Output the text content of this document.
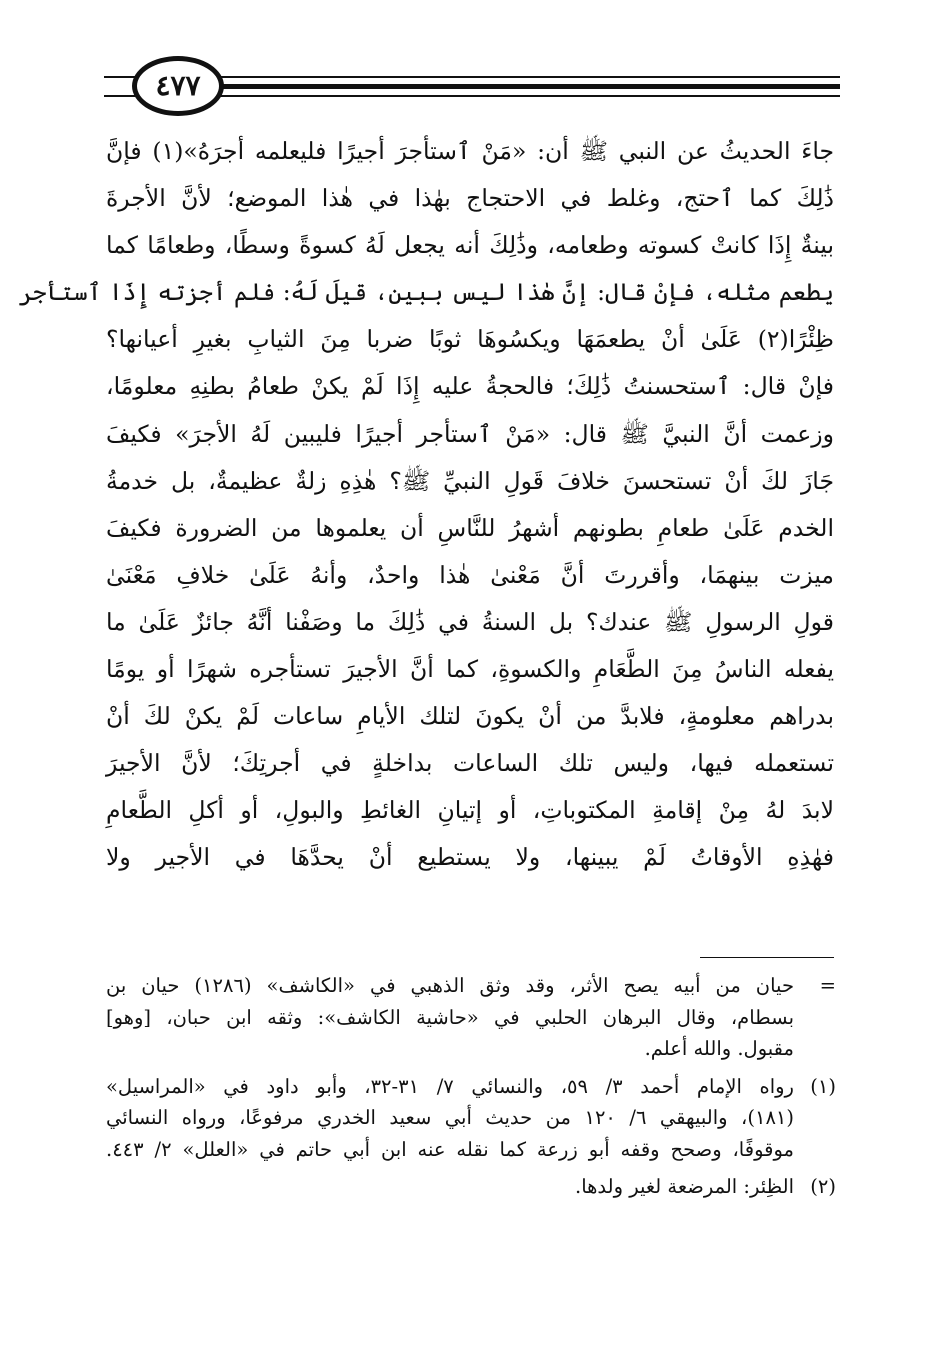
٤٧٧
جاءَ الحديثُ عن النبي ﷺ أن: «مَنْ ٱستأجرَ أجيرًا فليعلمه أجرَهُ»(١) فإنَّ
ذَٰلِكَ كما ٱحتج، وغلط في الاحتجاج بهٰذا في هٰذا الموضع؛ لأنَّ الأجرةَ
بينةٌ إِذَا كانتْ كسوته وطعامه، وذَٰلِكَ أنه يجعل لَهُ كسوةً وسطًا، وطعامًا كما
يطعم مثله، فإنْ قال: إنَّ هٰذا ليس ببين، قيلَ لَهُ: فلم أجزته إِذَا ٱستأجر
ظِئْرًا(٢) عَلَىٰ أنْ يطعمَهَا ويكسُوهَا ثوبًا ضربا مِنَ الثيابِ بغيرِ أعيانها؟
فإنْ قال: ٱستحسنتُ ذَٰلِكَ؛ فالحجةُ عليه إِذَا لَمْ يكنْ طعامُ بطنِهِ معلومًا،
وزعمت أنَّ النبيَّ ﷺ قال: «مَنْ ٱستأجر أجيرًا فليبين لَهُ الأجرَ» فكيفَ
جَازَ لكَ أنْ تستحسنَ خلافَ قَولِ النبيِّ ﷺ؟ هٰذِهِ زلةٌ عظيمةٌ، بل خدمةُ
الخدم عَلَىٰ طعامِ بطونهم أشهرُ للنَّاسِ أن يعلموها من الضرورة فكيفَ
ميزت بينهمَا، وأقررتَ أنَّ مَعْنىٰ هٰذا واحدٌ، وأنهُ عَلَىٰ خلافِ مَعْنَىٰ
قولِ الرسولِ ﷺ عندك؟ بل السنةُ في ذَٰلِكَ ما وصَفْنا أنَّهُ جائزٌ عَلَىٰ ما
يفعله الناسُ مِنَ الطَّعَامِ والكسوةِ، كما أنَّ الأجيرَ تستأجره شهرًا أو يومًا
بدراهم معلومةٍ، فلابدَّ من أنْ يكونَ لتلك الأيامِ ساعات لَمْ يكنْ لكَ أنْ
تستعمله فيها، وليس تلك الساعات بداخلةٍ في أجرتِكَ؛ لأنَّ الأجيرَ
لابدَ لهُ مِنْ إقامةِ المكتوباتِ، أو إتيانِ الغائطِ والبولِ، أو أكلِ الطَّعامِ
فهٰذِهِ الأوقاتُ لَمْ يبينها، ولا يستطيع أنْ يحدَّهَا في الأجير ولا
=
حيان من أبيه يصح الأثر، وقد وثق الذهبي في «الكاشف» (١٢٨٦) حيان بن
بسطام، وقال البرهان الحلبي في «حاشية الكاشف»: وثقه ابن حبان، [وهو]
مقبول. والله أعلم.
(١)
رواه الإمام أحمد ٣/ ٥٩، والنسائي ٧/ ٣١-٣٢، وأبو داود في «المراسيل»
(١٨١)، والبيهقي ٦/ ١٢٠ من حديث أبي سعيد الخدري مرفوعًا، ورواه النسائي
موقوفًا، وصحح وقفه أبو زرعة كما نقله عنه ابن أبي حاتم في «العلل» ٢/ ٤٤٣.
(٢)
الظِئر: المرضعة لغير ولدها.
